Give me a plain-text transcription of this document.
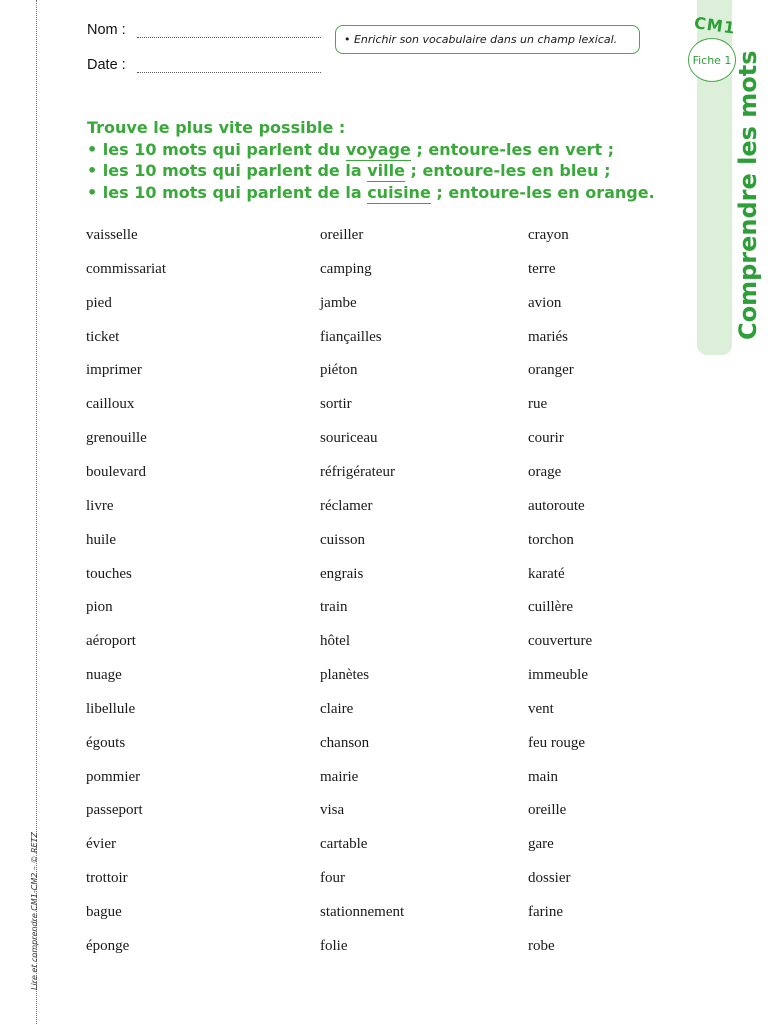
Lire et comprendre CM1-CM2 – © RETZ
Nom :
Date :
• Enrichir son vocabulaire dans un champ lexical.
CM1
Fiche 1 Comprendre les mots
Trouve le plus vite possible :
• les 10 mots qui parlent du voyage ; entoure-les en vert ;
• les 10 mots qui parlent de la ville ; entoure-les en bleu ;
• les 10 mots qui parlent de la cuisine ; entoure-les en orange.
vaisselle
commissariat
pied
ticket
imprimer
cailloux
grenouille
boulevard
livre
huile
touches
pion
aéroport
nuage
libellule
égouts
pommier
passeport
évier
trottoir
bague
éponge
oreiller
camping
jambe
fiançailles
piéton
sortir
souriceau
réfrigérateur
réclamer
cuisson
engrais
train
hôtel
planètes
claire
chanson
mairie
visa
cartable
four
stationnement
folie
crayon
terre
avion
mariés
oranger
rue
courir
orage
autoroute
torchon
karaté
cuillère
couverture
immeuble
vent
feu rouge
main
oreille
gare
dossier
farine
robe
